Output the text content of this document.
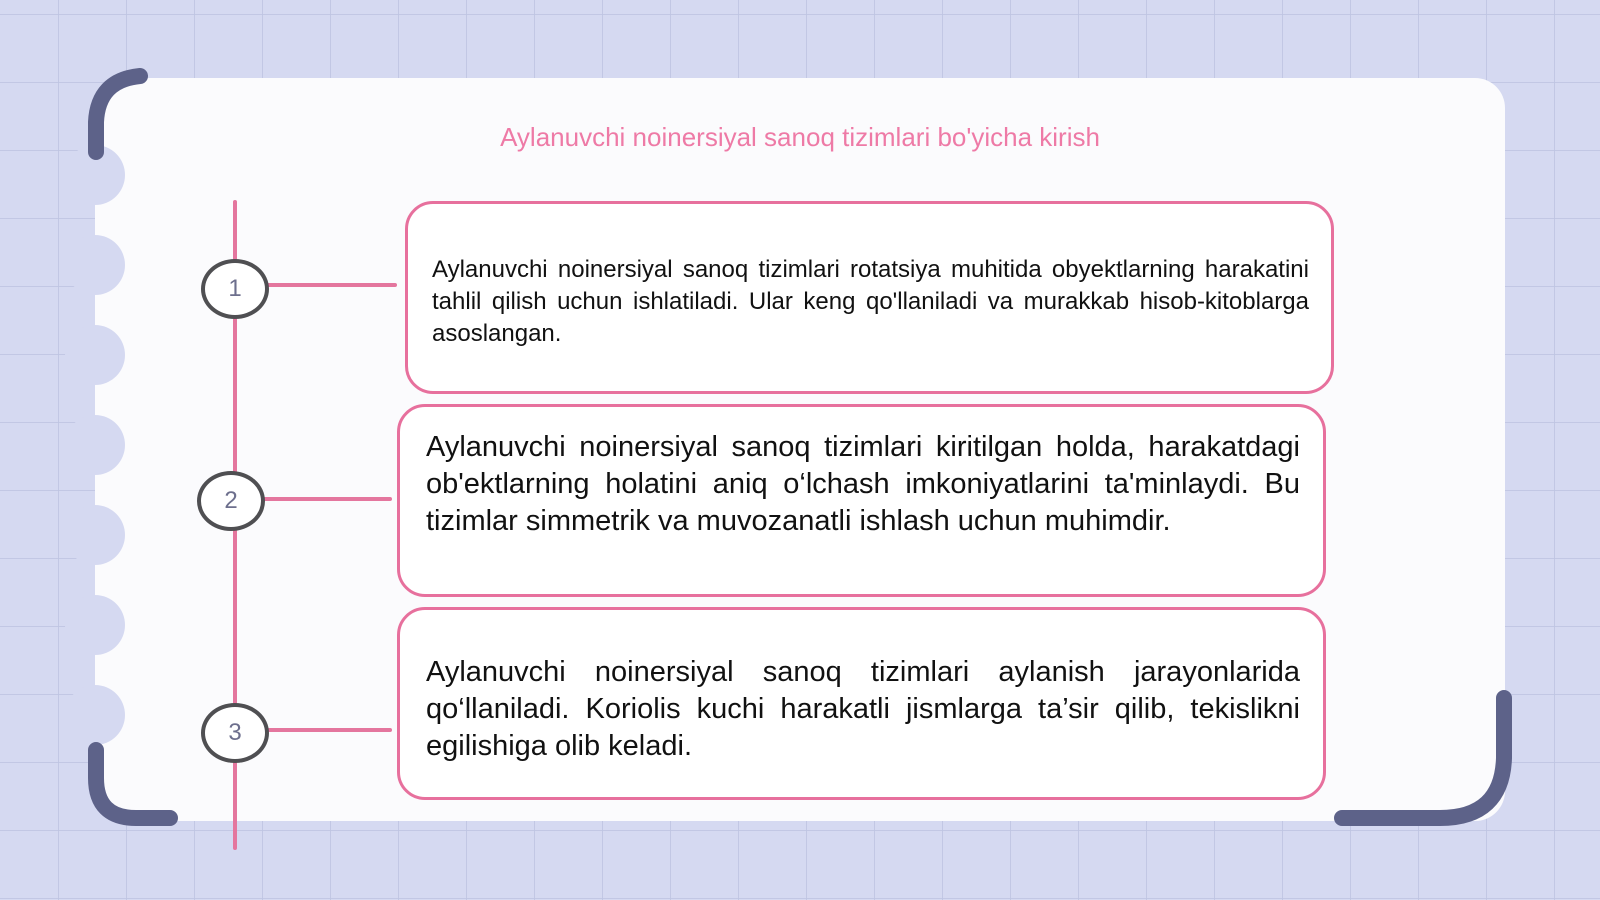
Aylanuvchi noinersiyal sanoq tizimlari bo'yicha kirish
1
2
3

Aylanuvchi noinersiyal sanoq tizimlari rotatsiya muhitida obyektlarning harakatini tahlil qilish uchun ishlatiladi. Ular keng qo'llaniladi va murakkab hisob-kitoblarga asoslangan.

Aylanuvchi noinersiyal sanoq tizimlari kiritilgan holda, harakatdagi ob'ektlarning holatini aniq o‘lchash imkoniyatlarini ta'minlaydi. Bu tizimlar simmetrik va muvozanatli ishlash uchun muhimdir.

Aylanuvchi noinersiyal sanoq tizimlari aylanish jarayonlarida qo‘llaniladi. Koriolis kuchi harakatli jismlarga ta’sir qilib, tekislikni egilishiga olib keladi.
